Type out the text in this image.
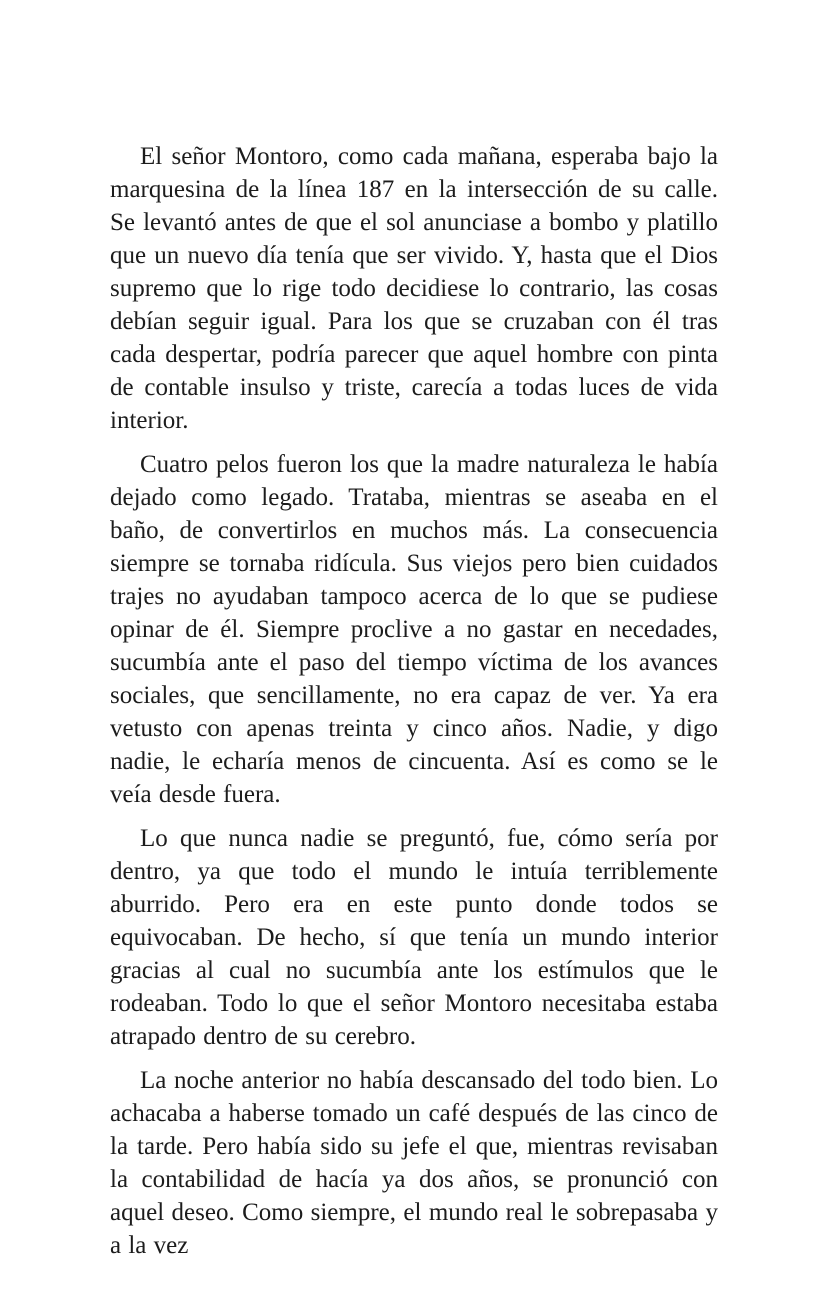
El señor Montoro, como cada mañana, esperaba bajo la marquesina de la línea 187 en la intersección de su calle. Se levantó antes de que el sol anunciase a bombo y platillo que un nuevo día tenía que ser vivido. Y, hasta que el Dios supremo que lo rige todo decidiese lo contrario, las cosas debían seguir igual. Para los que se cruzaban con él tras cada despertar, podría parecer que aquel hombre con pinta de contable insulso y triste, carecía a todas luces de vida interior.

Cuatro pelos fueron los que la madre naturaleza le había dejado como legado. Trataba, mientras se aseaba en el baño, de convertirlos en muchos más. La consecuencia siempre se tornaba ridícula. Sus viejos pero bien cuidados trajes no ayudaban tampoco acerca de lo que se pudiese opinar de él. Siempre proclive a no gastar en necedades, sucumbía ante el paso del tiempo víctima de los avances sociales, que sencillamente, no era capaz de ver. Ya era vetusto con apenas treinta y cinco años. Nadie, y digo nadie, le echaría menos de cincuenta. Así es como se le veía desde fuera.

Lo que nunca nadie se preguntó, fue, cómo sería por dentro, ya que todo el mundo le intuía terriblemente aburrido. Pero era en este punto donde todos se equivocaban. De hecho, sí que tenía un mundo interior gracias al cual no sucumbía ante los estímulos que le rodeaban. Todo lo que el señor Montoro necesitaba estaba atrapado dentro de su cerebro.

La noche anterior no había descansado del todo bien. Lo achacaba a haberse tomado un café después de las cinco de la tarde. Pero había sido su jefe el que, mientras revisaban la contabilidad de hacía ya dos años, se pronunció con aquel deseo. Como siempre, el mundo real le sobrepasaba y a la vez
